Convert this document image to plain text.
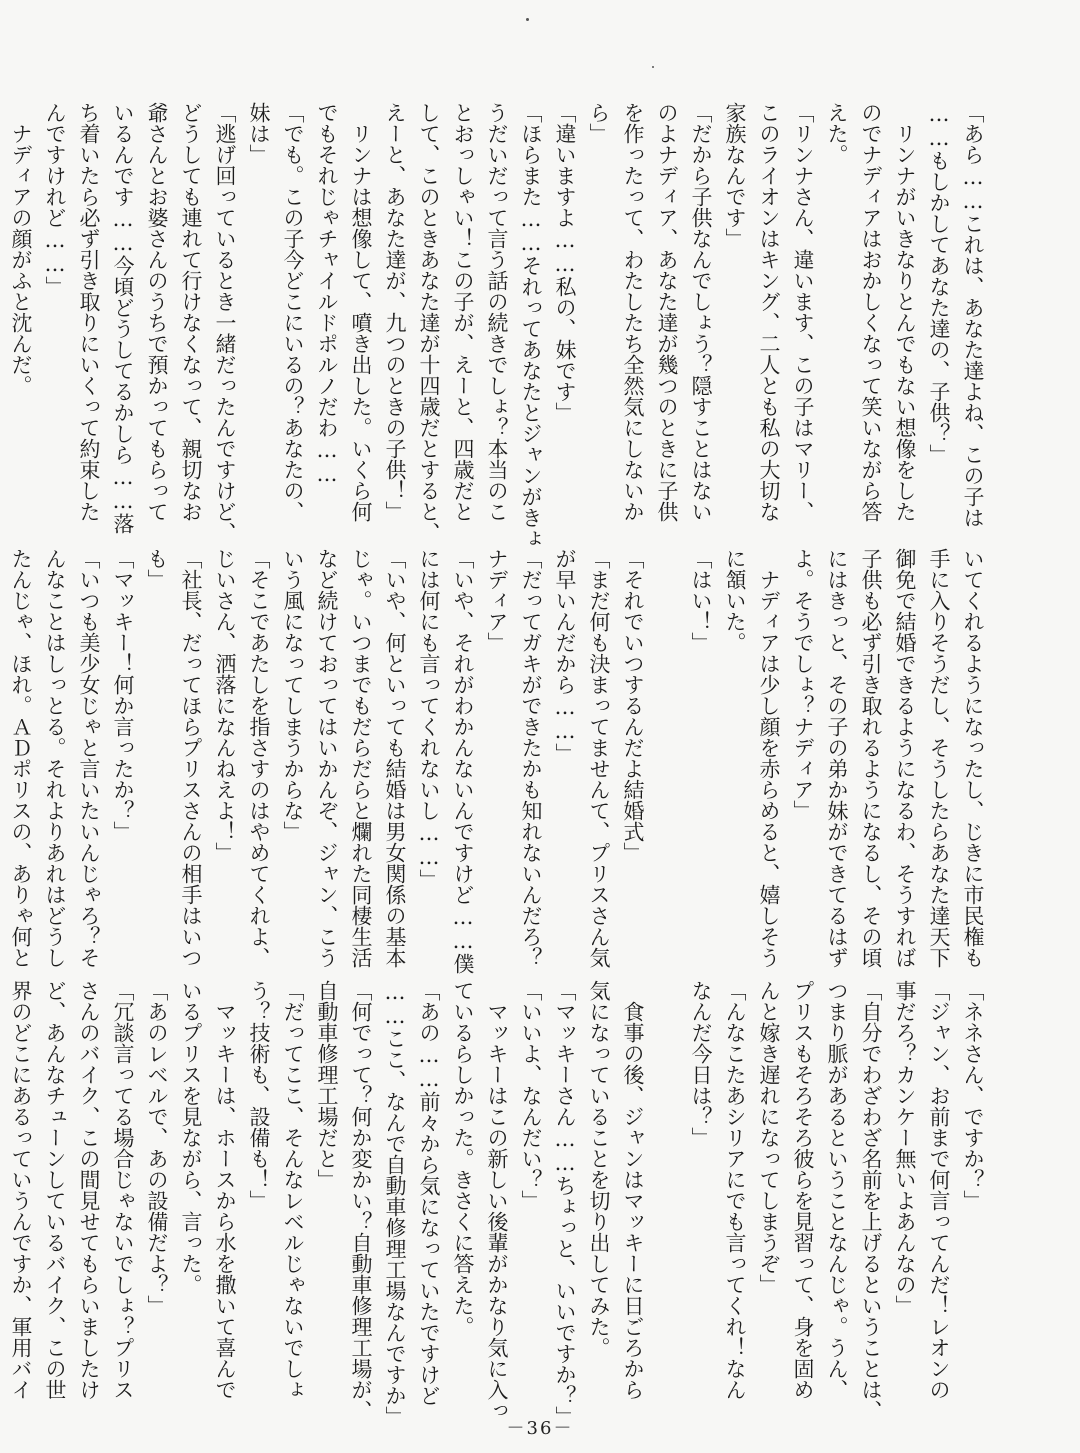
「あら……これは、あなた達よね、この子は
……もしかしてあなた達の、子供？」
　リンナがいきなりとんでもない想像をした
のでナディアはおかしくなって笑いながら答
えた。
「リンナさん、違います、この子はマリー、
このライオンはキング、二人とも私の大切な
家族なんです」
「だから子供なんでしょう？隠すことはない
のよナディア、あなた達が幾つのときに子供
を作ったって、わたしたち全然気にしないか
ら」
「違いますよ……私の、妹です」
「ほらまた……それってあなたとジャンがきょ
うだいだって言う話の続きでしょ？本当のこ
とおっしゃい！この子が、えーと、四歳だと
して、このときあなた達が十四歳だとすると、
えーと、あなた達が、九つのときの子供！」
　リンナは想像して、噴き出した。いくら何
でもそれじゃチャイルドポルノだわ……
「でも。この子今どこにいるの？あなたの、
妹は」
「逃げ回っているとき一緒だったんですけど、
どうしても連れて行けなくなって、親切なお
爺さんとお婆さんのうちで預かってもらって
いるんです……今頃どうしてるかしら……落
ち着いたら必ず引き取りにいくって約束した
んですけれど……」
　ナディアの顔がふと沈んだ。
いてくれるようになったし、じきに市民権も
手に入りそうだし、そうしたらあなた達天下
御免で結婚できるようになるわ、そうすれば
子供も必ず引き取れるようになるし、その頃
にはきっと、その子の弟か妹ができてるはず
よ。そうでしょ？ナディア」
　ナディアは少し顔を赤らめると、嬉しそう
に頷いた。
「はい！」

「それでいつするんだよ結婚式」
「まだ何も決まってませんて、プリスさん気
が早いんだから……」
「だってガキができたかも知れないんだろ？
ナディア」
「いや、それがわかんないんですけど……僕
には何にも言ってくれないし……」
「いや、何といっても結婚は男女関係の基本
じゃ。いつまでもだらだらと爛れた同棲生活
など続けておってはいかんぞ、ジャン、こう
いう風になってしまうからな」
「そこであたしを指さすのはやめてくれよ、
じいさん、洒落になんねえよ！」
「社長、だってほらプリスさんの相手はいつ
も」
「マッキー！何か言ったか？」
「いつも美少女じゃと言いたいんじゃろ？そ
んなことはしっとる。それよりあれはどうし
たんじゃ、ほれ。ＡＤポリスの、ありゃ何と
「ネネさん、ですか？」
「ジャン、お前まで何言ってんだ！レオンの
事だろ？カンケー無いよあんなの」
「自分でわざわざ名前を上げるということは、
つまり脈があるということなんじゃ。うん、
プリスもそろそろ彼らを見習って、身を固め
んと嫁き遅れになってしまうぞ」
「んなこたあシリアにでも言ってくれ！なん
なんだ今日は？」

　食事の後、ジャンはマッキーに日ごろから
気になっていることを切り出してみた。
「マッキーさん……ちょっと、いいですか？」
「いいよ、なんだい？」
　マッキーはこの新しい後輩がかなり気に入っ
ているらしかった。きさくに答えた。
「あの……前々から気になっていたですけど
……ここ、なんで自動車修理工場なんですか」
「何でって？何か変かい？自動車修理工場が、
自動車修理工場だと」
「だってここ、そんなレベルじゃないでしょ
う？技術も、設備も！」
　マッキーは、ホースから水を撒いて喜んで
いるプリスを見ながら、言った。
「あのレベルで、あの設備だよ？」
「冗談言ってる場合じゃないでしょ？プリス
さんのバイク、この間見せてもらいましたけ
ど、あんなチューンしているバイク、この世
界のどこにあるっていうんですか、軍用バイ
－36－
